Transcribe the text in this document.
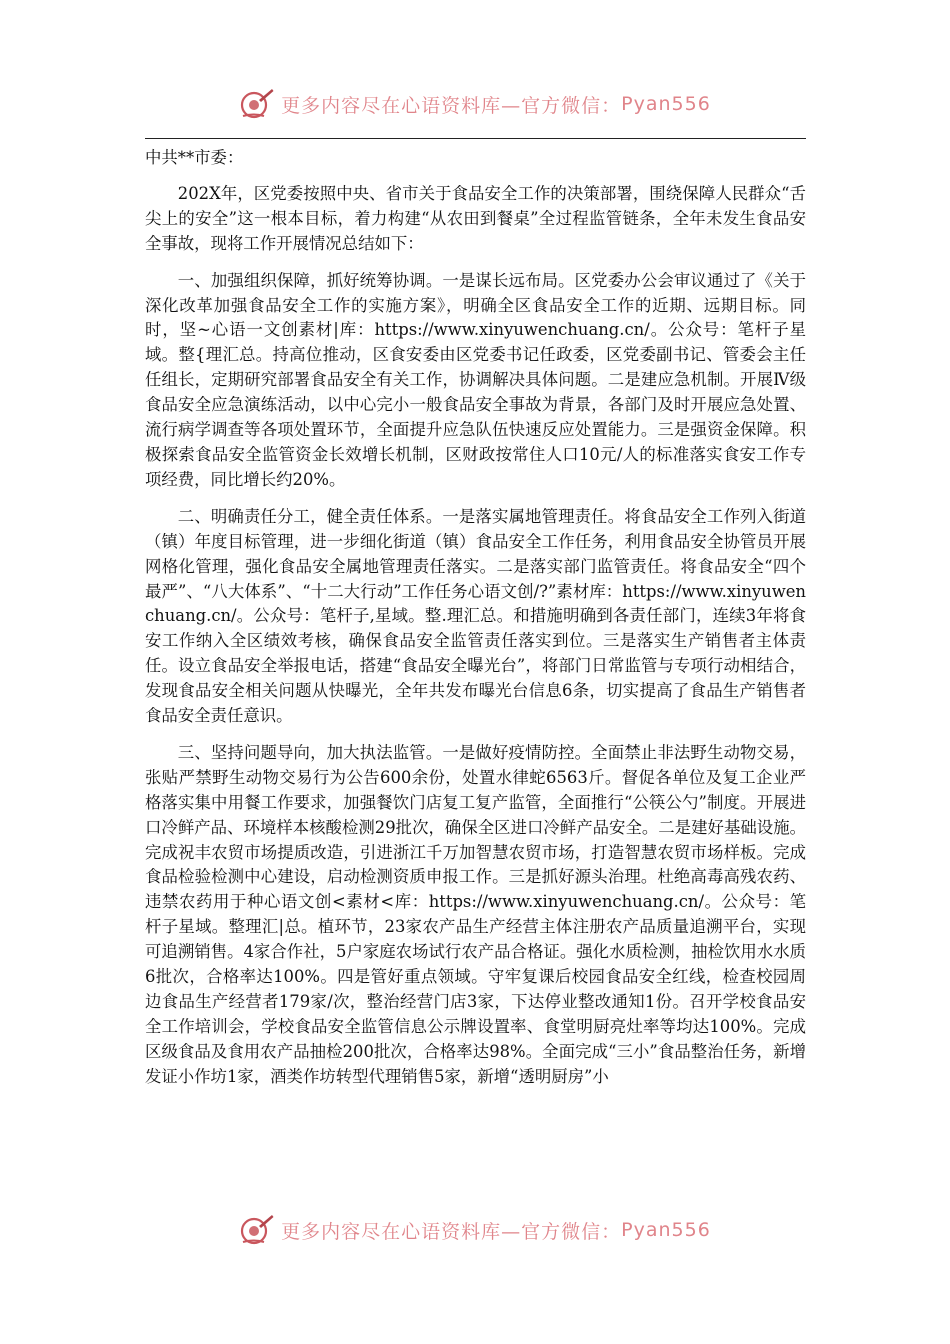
更多内容尽在心语资料库—官方微信： Pyan556

中共**市委：

202X年，区党委按照中央、省市关于食品安全工作的决策部署，围绕保障人民群众“舌尖上的安全”这一根本目标，着力构建“从农田到餐桌”全过程监管链条，全年未发生食品安全事故，现将工作开展情况总结如下：

一、加强组织保障，抓好统筹协调。一是谋长远布局。区党委办公会审议通过了《关于深化改革加强食品安全工作的实施方案》，明确全区食品安全工作的近期、远期目标。同时，坚~心语一文创素材|库：https://www.xinyuwenchuang.cn/。公众号：笔杆子星域。整{理汇总。持高位推动，区食安委由区党委书记任政委，区党委副书记、管委会主任任组长，定期研究部署食品安全有关工作，协调解决具体问题。二是建应急机制。开展Ⅳ级食品安全应急演练活动，以中心完小一般食品安全事故为背景，各部门及时开展应急处置、流行病学调查等各项处置环节，全面提升应急队伍快速反应处置能力。三是强资金保障。积极探索食品安全监管资金长效增长机制，区财政按常住人口10元/人的标准落实食安工作专项经费，同比增长约20%。

二、明确责任分工，健全责任体系。一是落实属地管理责任。将食品安全工作列入街道（镇）年度目标管理，进一步细化街道（镇）食品安全工作任务，利用食品安全协管员开展网格化管理，强化食品安全属地管理责任落实。二是落实部门监管责任。将食品安全“四个最严”、“八大体系”、“十二大行动”工作任务心语文创/?”素材库：https://www.xinyuwenchuang.cn/。公众号：笔杆子,星域。整.理汇总。和措施明确到各责任部门，连续3年将食安工作纳入全区绩效考核，确保食品安全监管责任落实到位。三是落实生产销售者主体责任。设立食品安全举报电话，搭建“食品安全曝光台”，将部门日常监管与专项行动相结合，发现食品安全相关问题从快曝光，全年共发布曝光台信息6条，切实提高了食品生产销售者食品安全责任意识。

三、坚持问题导向，加大执法监管。一是做好疫情防控。全面禁止非法野生动物交易，张贴严禁野生动物交易行为公告600余份，处置水律蛇6563斤。督促各单位及复工企业严格落实集中用餐工作要求，加强餐饮门店复工复产监管，全面推行“公筷公勺”制度。开展进口冷鲜产品、环境样本核酸检测29批次，确保全区进口冷鲜产品安全。二是建好基础设施。完成祝丰农贸市场提质改造，引进浙江千万加智慧农贸市场，打造智慧农贸市场样板。完成食品检验检测中心建设，启动检测资质申报工作。三是抓好源头治理。杜绝高毒高残农药、违禁农药用于种心语文创<素材<库：https://www.xinyuwenchuang.cn/。公众号：笔杆子星域。整理汇|总。植环节，23家农产品生产经营主体注册农产品质量追溯平台，实现可追溯销售。4家合作社，5户家庭农场试行农产品合格证。强化水质检测，抽检饮用水水质6批次，合格率达100%。四是管好重点领域。守牢复课后校园食品安全红线，检查校园周边食品生产经营者179家/次，整治经营门店3家，下达停业整改通知1份。召开学校食品安全工作培训会，学校食品安全监管信息公示牌设置率、食堂明厨亮灶率等均达100%。完成区级食品及食用农产品抽检200批次，合格率达98%。全面完成“三小”食品整治任务，新增发证小作坊1家，酒类作坊转型代理销售5家，新增“透明厨房”小

更多内容尽在心语资料库—官方微信： Pyan556
